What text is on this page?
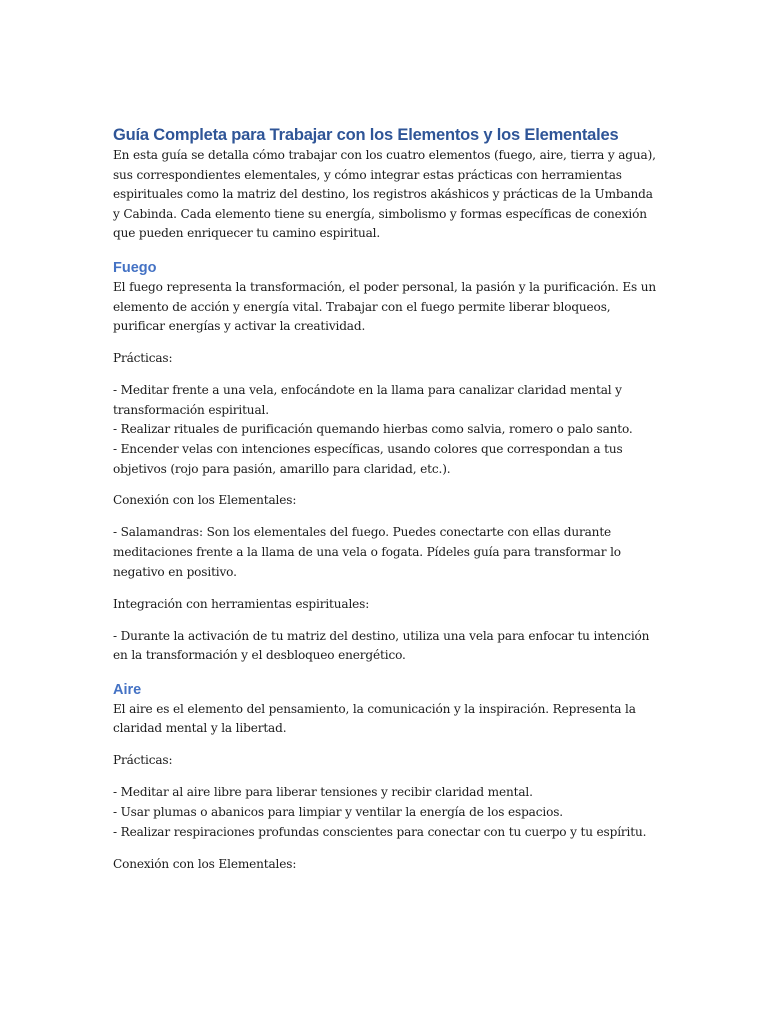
Guía Completa para Trabajar con los Elementos y los Elementales

En esta guía se detalla cómo trabajar con los cuatro elementos (fuego, aire, tierra y agua), sus correspondientes elementales, y cómo integrar estas prácticas con herramientas espirituales como la matriz del destino, los registros akáshicos y prácticas de la Umbanda y Cabinda. Cada elemento tiene su energía, simbolismo y formas específicas de conexión que pueden enriquecer tu camino espiritual.

Fuego

El fuego representa la transformación, el poder personal, la pasión y la purificación. Es un elemento de acción y energía vital. Trabajar con el fuego permite liberar bloqueos, purificar energías y activar la creatividad.

Prácticas:

- Meditar frente a una vela, enfocándote en la llama para canalizar claridad mental y transformación espiritual.
- Realizar rituales de purificación quemando hierbas como salvia, romero o palo santo.
- Encender velas con intenciones específicas, usando colores que correspondan a tus objetivos (rojo para pasión, amarillo para claridad, etc.).

Conexión con los Elementales:

- Salamandras: Son los elementales del fuego. Puedes conectarte con ellas durante meditaciones frente a la llama de una vela o fogata. Pídeles guía para transformar lo negativo en positivo.

Integración con herramientas espirituales:

- Durante la activación de tu matriz del destino, utiliza una vela para enfocar tu intención en la transformación y el desbloqueo energético.

Aire

El aire es el elemento del pensamiento, la comunicación y la inspiración. Representa la claridad mental y la libertad.

Prácticas:

- Meditar al aire libre para liberar tensiones y recibir claridad mental.
- Usar plumas o abanicos para limpiar y ventilar la energía de los espacios.
- Realizar respiraciones profundas conscientes para conectar con tu cuerpo y tu espíritu.

Conexión con los Elementales:
